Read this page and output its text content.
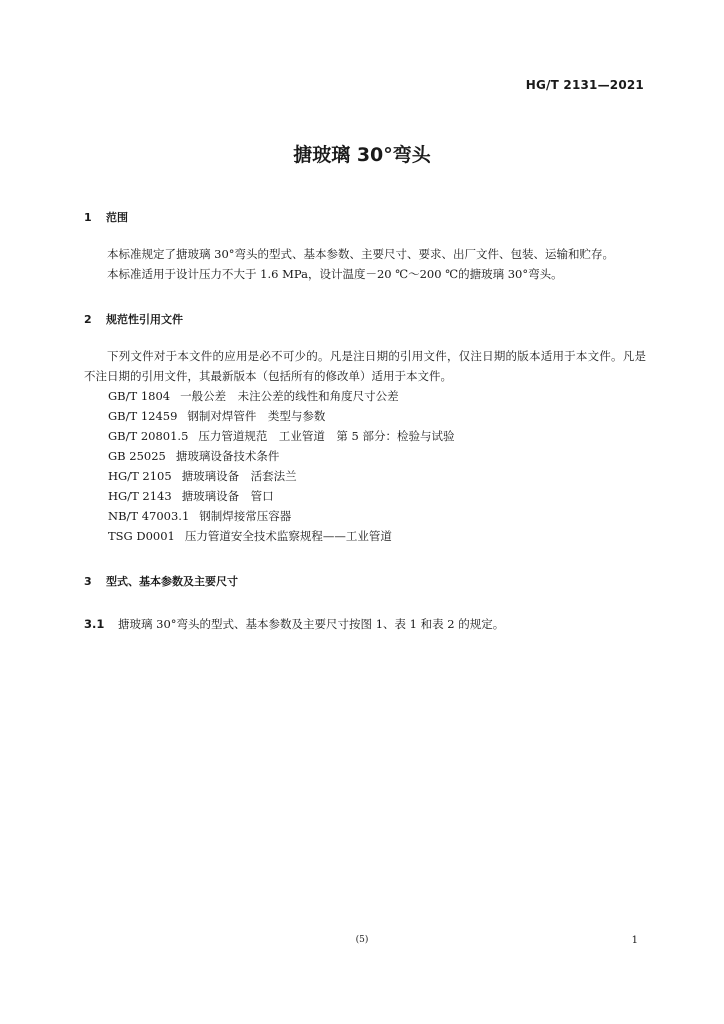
HG/T 2131—2021
搪玻璃 30°弯头
1 范围

本标准规定了搪玻璃 30°弯头的型式、基本参数、主要尺寸、要求、出厂文件、包装、运输和贮存。

本标准适用于设计压力不大于 1.6 MPa，设计温度－20 ℃～200 ℃的搪玻璃 30°弯头。

2 规范性引用文件

下列文件对于本文件的应用是必不可少的。凡是注日期的引用文件，仅注日期的版本适用于本文件。凡是不注日期的引用文件，其最新版本（包括所有的修改单）适用于本文件。

GB/T 1804 一般公差　未注公差的线性和角度尺寸公差
GB/T 12459 钢制对焊管件　类型与参数
GB/T 20801.5 压力管道规范　工业管道　第 5 部分：检验与试验
GB 25025 搪玻璃设备技术条件
HG/T 2105 搪玻璃设备　活套法兰
HG/T 2143 搪玻璃设备　管口
NB/T 47003.1 钢制焊接常压容器
TSG D0001 压力管道安全技术监察规程——工业管道
3 型式、基本参数及主要尺寸
3.1 搪玻璃 30°弯头的型式、基本参数及主要尺寸按图 1、表 1 和表 2 的规定。
(5)	1
